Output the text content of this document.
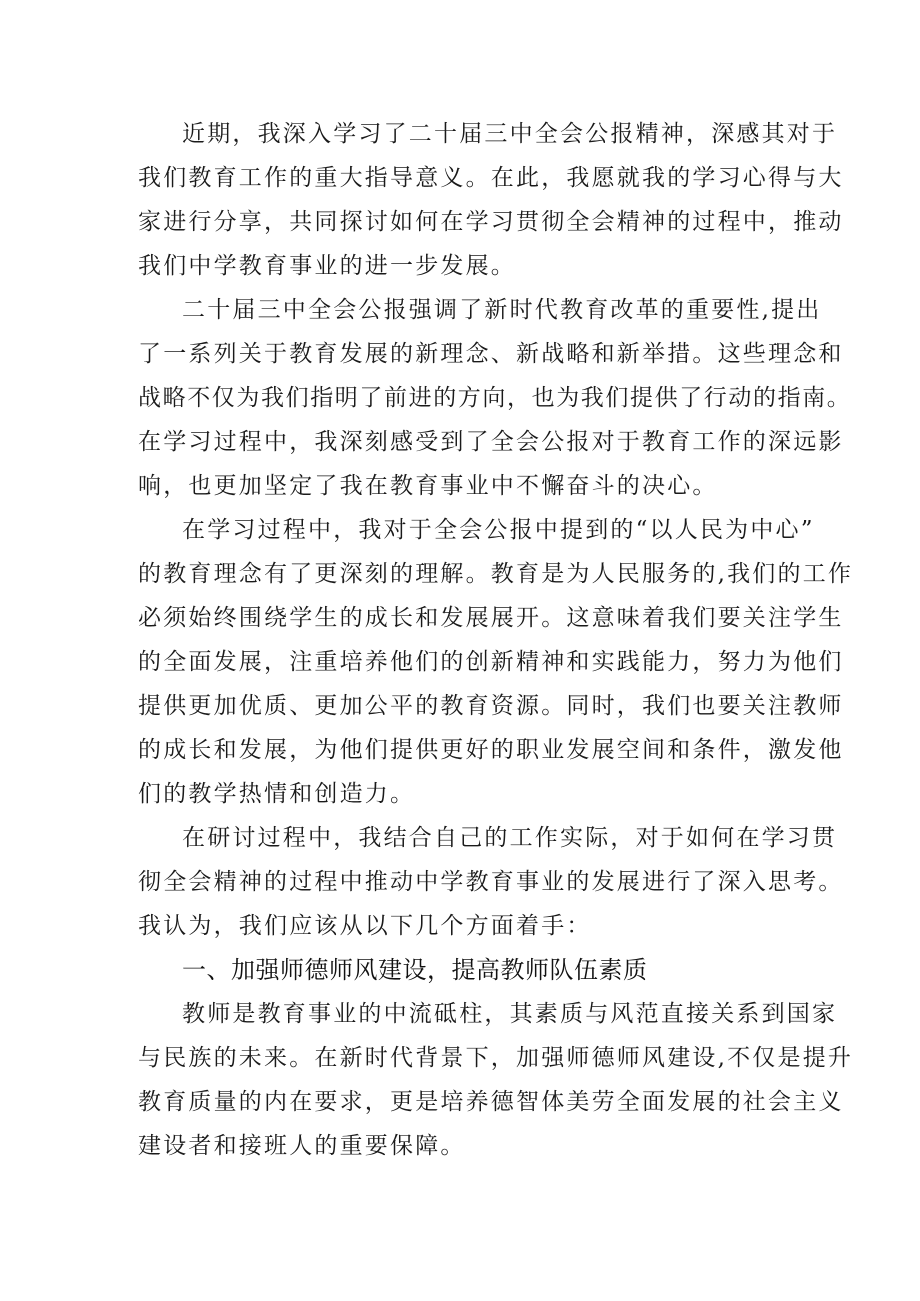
近期，我深入学习了二十届三中全会公报精神，深感其对于
我们教育工作的重大指导意义。在此，我愿就我的学习心得与大
家进行分享，共同探讨如何在学习贯彻全会精神的过程中，推动
我们中学教育事业的进一步发展。
二十届三中全会公报强调了新时代教育改革的重要性,提出
了一系列关于教育发展的新理念、新战略和新举措。这些理念和
战略不仅为我们指明了前进的方向，也为我们提供了行动的指南。
在学习过程中，我深刻感受到了全会公报对于教育工作的深远影
响，也更加坚定了我在教育事业中不懈奋斗的决心。
在学习过程中，我对于全会公报中提到的“以人民为中心”
的教育理念有了更深刻的理解。教育是为人民服务的,我们的工作
必须始终围绕学生的成长和发展展开。这意味着我们要关注学生
的全面发展，注重培养他们的创新精神和实践能力，努力为他们
提供更加优质、更加公平的教育资源。同时，我们也要关注教师
的成长和发展，为他们提供更好的职业发展空间和条件，激发他
们的教学热情和创造力。
在研讨过程中，我结合自己的工作实际，对于如何在学习贯
彻全会精神的过程中推动中学教育事业的发展进行了深入思考。
我认为，我们应该从以下几个方面着手：
一、加强师德师风建设，提高教师队伍素质
教师是教育事业的中流砥柱，其素质与风范直接关系到国家
与民族的未来。在新时代背景下，加强师德师风建设,不仅是提升
教育质量的内在要求，更是培养德智体美劳全面发展的社会主义
建设者和接班人的重要保障。
